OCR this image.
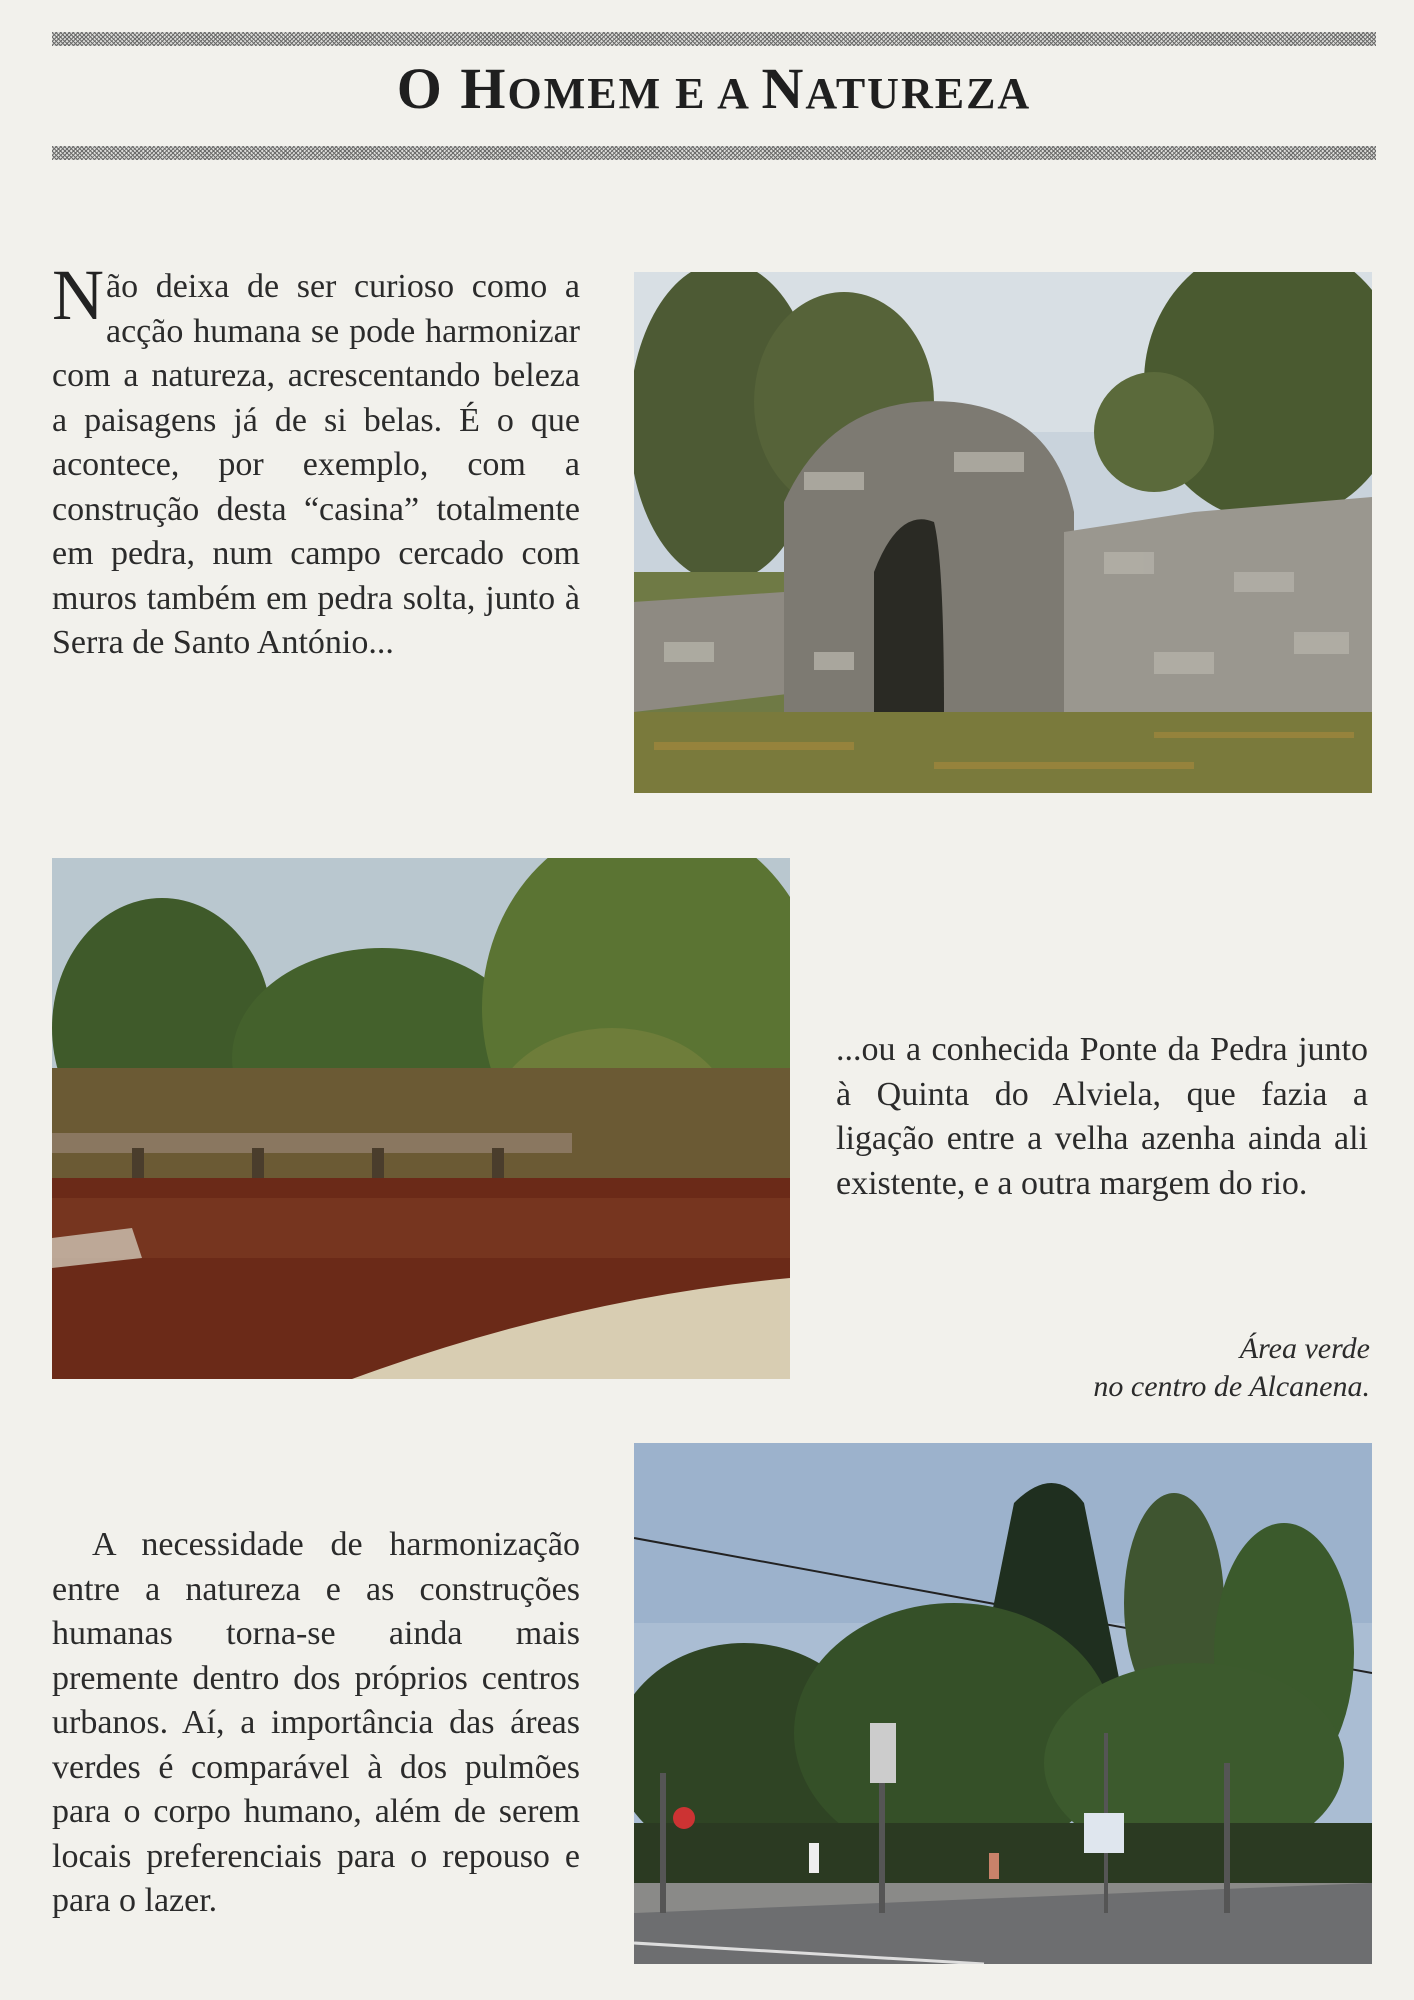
O HOMEM E A NATUREZA

Não deixa de ser curioso como a acção humana se pode harmonizar com a natureza, acrescentando beleza a paisagens já de si belas. É o que acontece, por exemplo, com a construção desta “casina” totalmente em pedra, num campo cercado com muros também em pedra solta, junto à Serra de Santo António...

...ou a conhecida Ponte da Pedra junto à Quinta do Alviela, que fazia a ligação entre a velha azenha ainda ali existente, e a outra margem do rio.

Área verde
no centro de Alcanena.

A necessidade de harmonização entre a natureza e as construções humanas torna-se ainda mais premente dentro dos próprios centros urbanos. Aí, a importância das áreas verdes é comparável à dos pulmões para o corpo humano, além de serem locais preferenciais para o repouso e para o lazer.
